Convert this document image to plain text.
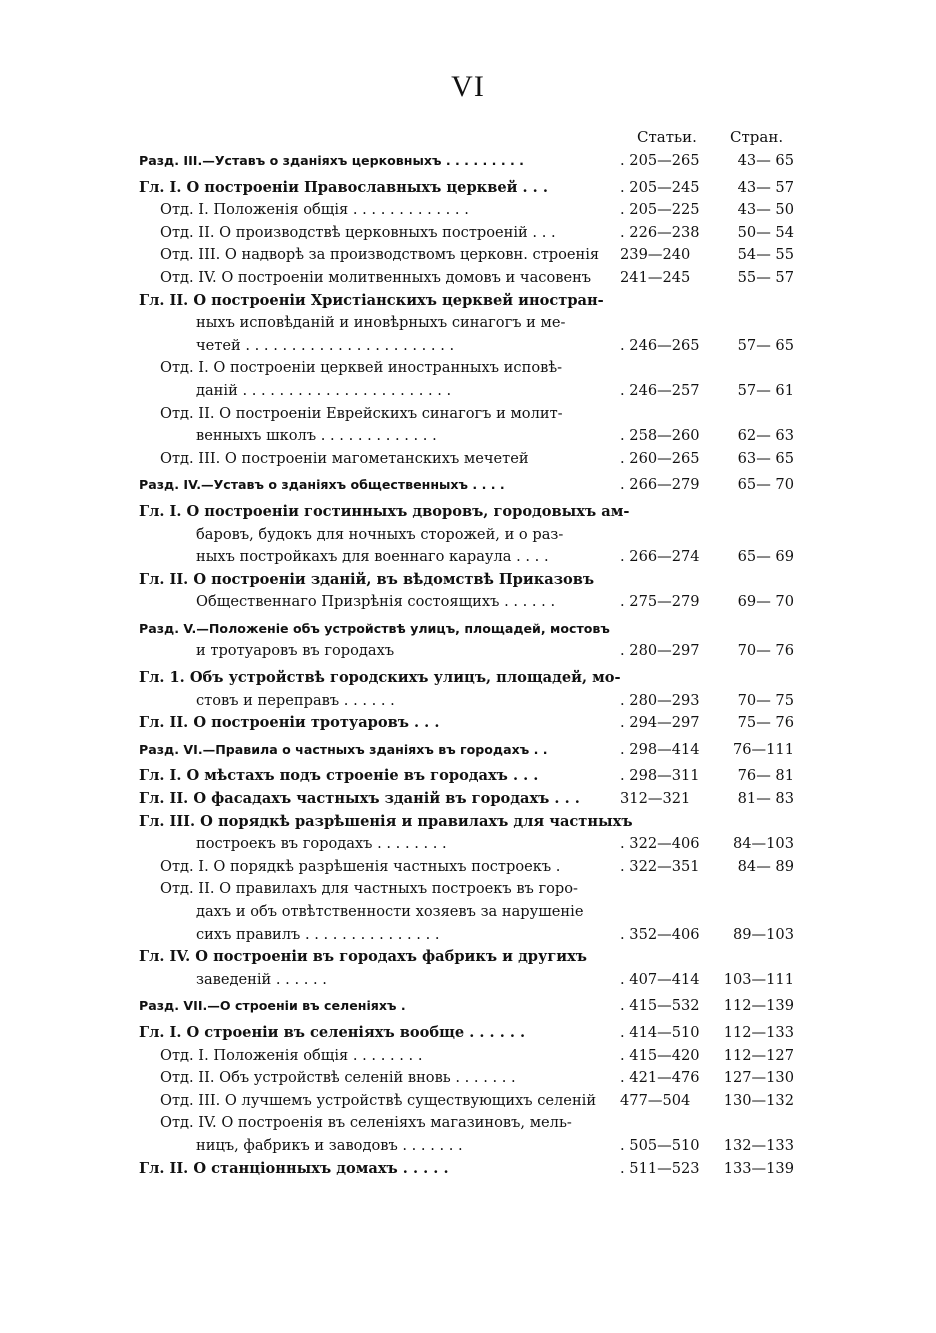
VI
Статьи. Стран.
Разд. III.—Уставъ о зданіяхъ церковныхъ . . . . . . . . .	. 205—265	43— 65
Гл. I. О построеніи Православныхъ церквей . . .	. 205—245	43— 57
Отд. I. Положенія общія . . . . . . . . . . . . .	. 205—225	43— 50
Отд. II. О производствѣ церковныхъ построеній . . .	. 226—238	50— 54
Отд. III. О надворѣ за производствомъ церковн. строенія 239—240	54— 55
Отд. IV. О построеніи молитвенныхъ домовъ и часовенъ 241—245	55— 57
Гл. II. О построеніи Христіанскихъ церквей иностран-
ныхъ исповѣданій и иновѣрныхъ синагогъ и ме-
четей . . . . . . . . . . . . . . . . . . . . . . .	. 246—265	57— 65
Отд. I. О построеніи церквей иностранныхъ исповѣ-
даній . . . . . . . . . . . . . . . . . . . . . . .	. 246—257	57— 61
Отд. II. О построеніи Еврейскихъ синагогъ и молит-
венныхъ школъ . . . . . . . . . . . . .	. 258—260	62— 63
Отд. III. О построеніи магометанскихъ мечетей	. 260—265	63— 65
Разд. IV.—Уставъ о зданіяхъ общественныхъ . . . .	. 266—279	65— 70
Гл. I. О построеніи гостинныхъ дворовъ, городовыхъ ам-
баровъ, будокъ для ночныхъ сторожей, и о раз-
ныхъ постройкахъ для военнаго караула . . . .	. 266—274	65— 69
Гл. II. О построеніи зданій, въ вѣдомствѣ Приказовъ
Общественнаго Призрѣнія состоящихъ . . . . . .	. 275—279	69— 70
Разд. V.—Положеніе объ устройствѣ улицъ, площадей, мостовъ
и тротуаровъ въ городахъ	. 280—297	70— 76
Гл. 1. Объ устройствѣ городскихъ улицъ, площадей, мо-
стовъ и переправъ . . . . . .	. 280—293	70— 75
Гл. II. О построеніи тротуаровъ . . .	. 294—297	75— 76
Разд. VI.—Правила о частныхъ зданіяхъ въ городахъ . .	. 298—414	76—111
Гл. I. О мѣстахъ подъ строеніе въ городахъ . . .	. 298—311	76— 81
Гл. II. О фасадахъ частныхъ зданій въ городахъ . . .	312—321	81— 83
Гл. III. О порядкѣ разрѣшенія и правилахъ для частныхъ
построекъ въ городахъ . . . . . . . .	. 322—406	84—103
Отд. I. О порядкѣ разрѣшенія частныхъ построекъ .	. 322—351	84— 89
Отд. II. О правилахъ для частныхъ построекъ въ горо-
дахъ и объ отвѣтственности хозяевъ за нарушеніе
сихъ правилъ . . . . . . . . . . . . . . .	. 352—406	89—103
Гл. IV. О построеніи въ городахъ фабрикъ и другихъ
заведеній . . . . . .	. 407—414	103—111
Разд. VII.—О строеніи въ селеніяхъ .	. 415—532	112—139
Гл. I. О строеніи въ селеніяхъ вообще . . . . . .	. 414—510	112—133
Отд. I. Положенія общія . . . . . . . .	. 415—420	112—127
Отд. II. Объ устройствѣ селеній вновь . . . . . . .	. 421—476	127—130
Отд. III. О лучшемъ устройствѣ существующихъ селеній 477—504	130—132
Отд. IV. О построенія въ селеніяхъ магазиновъ, мель-
ницъ, фабрикъ и заводовъ . . . . . . .	. 505—510	132—133
Гл. II. О станціонныхъ домахъ . . . . .	. 511—523	133—139
